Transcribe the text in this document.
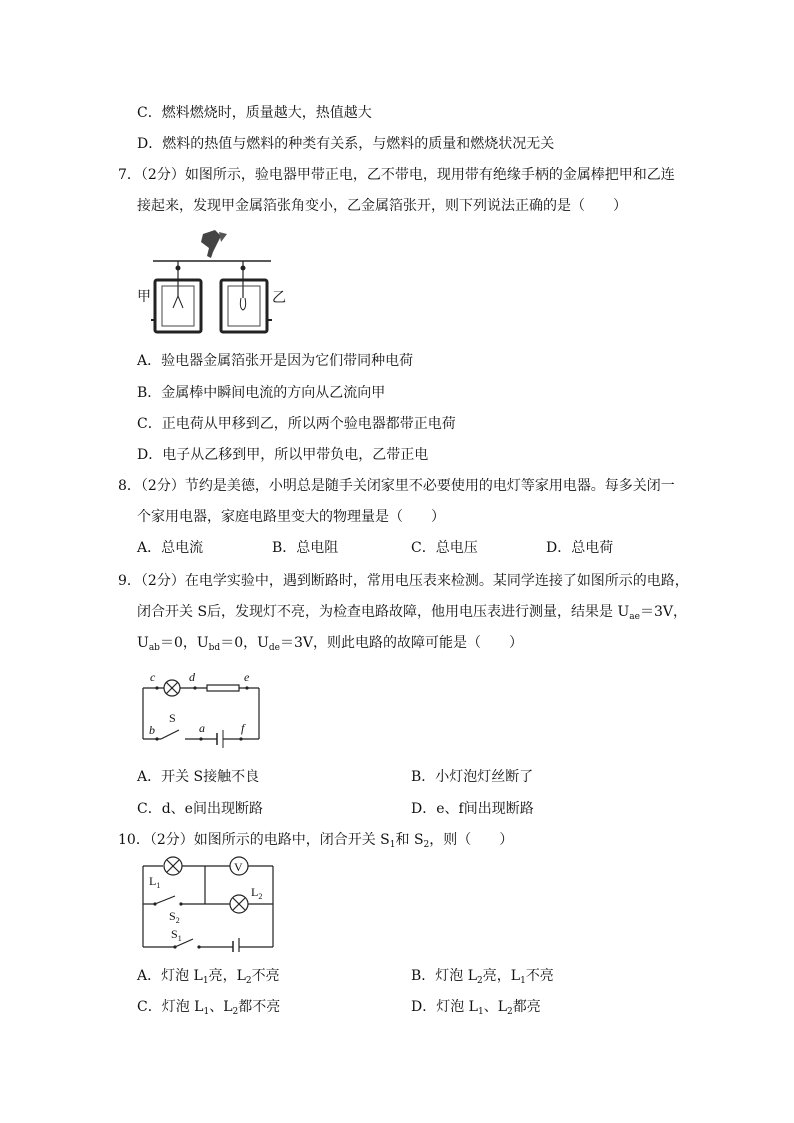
C．燃料燃烧时，质量越大，热值越大
D．燃料的热值与燃料的种类有关系，与燃料的质量和燃烧状况无关
7．（2分）如图所示，验电器甲带正电，乙不带电，现用带有绝缘手柄的金属棒把甲和乙连
接起来，发现甲金属箔张角变小，乙金属箔张开，则下列说法正确的是（　　）
甲	乙
A．验电器金属箔张开是因为它们带同种电荷
B．金属棒中瞬间电流的方向从乙流向甲
C．正电荷从甲移到乙，所以两个验电器都带正电荷
D．电子从乙移到甲，所以甲带负电，乙带正电
8．（2分）节约是美德，小明总是随手关闭家里不必要使用的电灯等家用电器。每多关闭一
个家用电器，家庭电路里变大的物理量是（　　）
A．总电流	B．总电阻	C．总电压	D．总电荷
9．（2分）在电学实验中，遇到断路时，常用电压表来检测。某同学连接了如图所示的电路，
闭合开关 S后，发现灯不亮，为检查电路故障，他用电压表进行测量，结果是 $U_{ae}=3V$，
$U_{ab}=0$，$U_{bd}=0$，$U_{de}=3V$，则此电路的故障可能是（　　）
c	d	e
b	a	f
S
A．开关 S接触不良	B．小灯泡灯丝断了
C．d、e间出现断路	D．e、f间出现断路
10．（2分）如图所示的电路中，闭合开关 $S_1$和 $S_2$，则（　　）
V
$L_1$	$L_2$
$S_2$
$S_1$
A．灯泡 $L_1$亮，$L_2$不亮	B．灯泡 $L_2$亮，$L_1$不亮
C．灯泡 $L_1$、$L_2$都不亮	D．灯泡 $L_1$、$L_2$都亮
